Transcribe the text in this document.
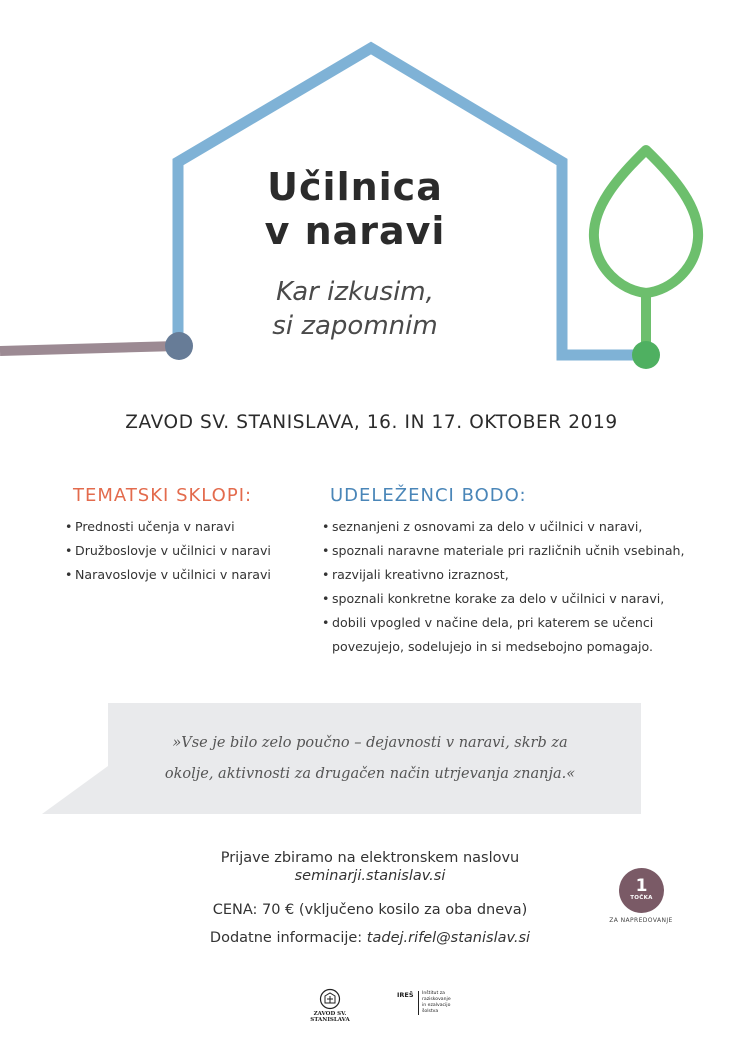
Učilnica
v naravi
Kar izkusim,
si zapomnim
ZAVOD SV. STANISLAVA, 16. IN 17. OKTOBER 2019
TEMATSKI SKLOPI:
• Prednosti učenja v naravi
• Družboslovje v učilnici v naravi
• Naravoslovje v učilnici v naravi
UDELEŽENCI BODO:
• seznanjeni z osnovami za delo v učilnici v naravi,
• spoznali naravne materiale pri različnih učnih vsebinah,
• razvijali kreativno izraznost,
• spoznali konkretne korake za delo v učilnici v naravi,
• dobili vpogled v načine dela, pri katerem se učenci
povezujejo, sodelujejo in si medsebojno pomagajo.
»Vse je bilo zelo poučno – dejavnosti v naravi, skrb za
okolje, aktivnosti za drugačen način utrjevanja znanja.«
Prijave zbiramo na elektronskem naslovu
seminarji.stanislav.si
CENA: 70 € (vključeno kosilo za oba dneva)
Dodatne informacije: tadej.rifel@stanislav.si
1
TOČKA
ZA NAPREDOVANJE
ZAVOD SV. STANISLAVA
IREŠ Inštitut za
raziskovanje
in ezalvacijo
šolstva
